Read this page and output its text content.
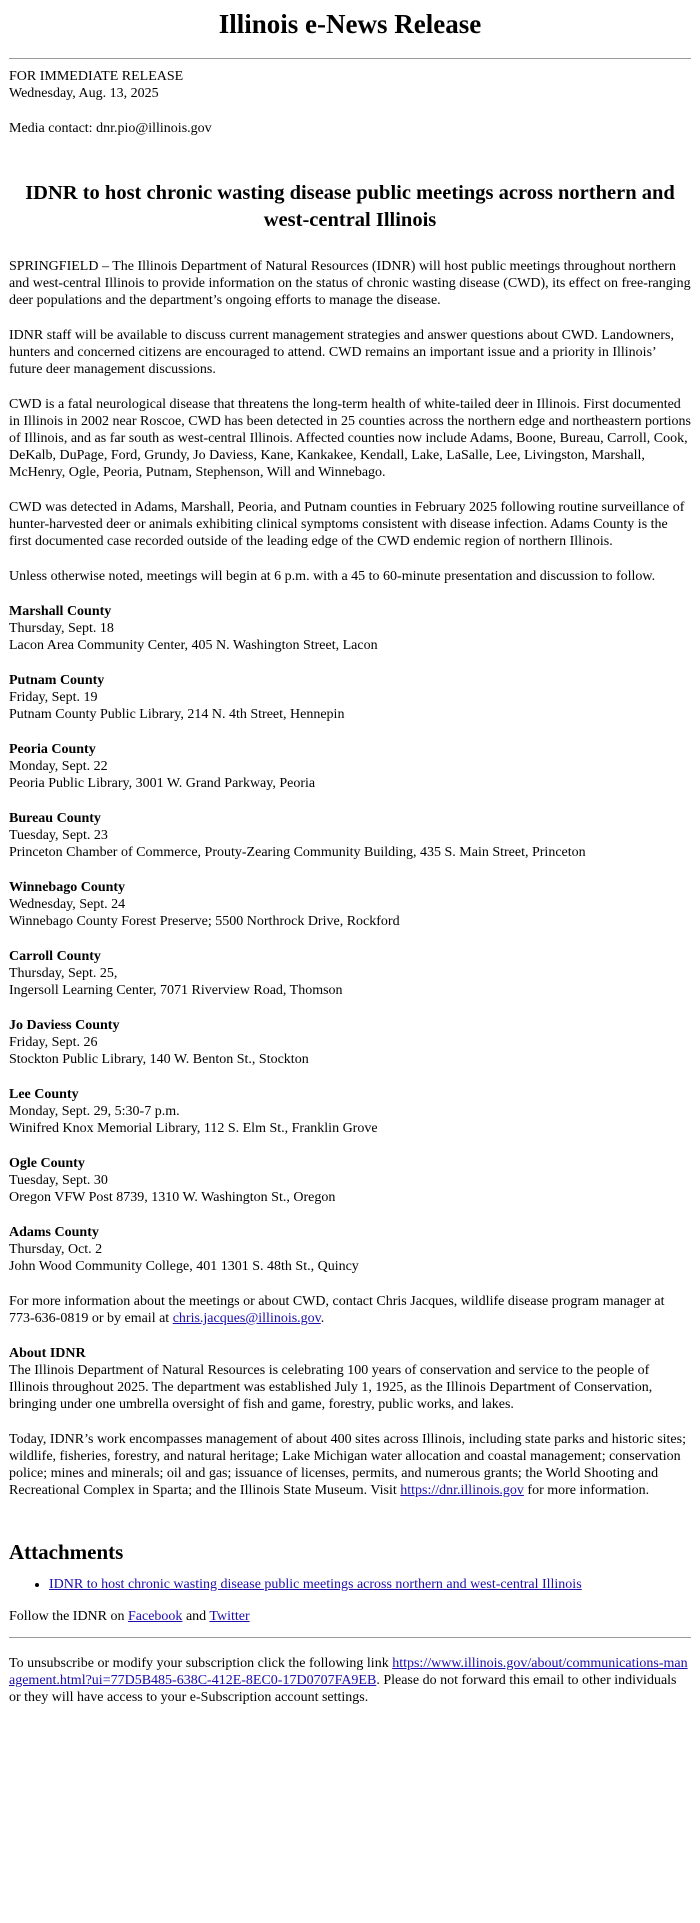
Illinois e-News Release

FOR IMMEDIATE RELEASE

Wednesday, Aug. 13, 2025

Media contact: dnr.pio@illinois.gov

IDNR to host chronic wasting disease public meetings across northern and west-central Illinois

SPRINGFIELD – The Illinois Department of Natural Resources (IDNR) will host public meetings throughout northern and west-central Illinois to provide information on the status of chronic wasting disease (CWD), its effect on free-ranging deer populations and the department’s ongoing efforts to manage the disease.

IDNR staff will be available to discuss current management strategies and answer questions about CWD. Landowners, hunters and concerned citizens are encouraged to attend. CWD remains an important issue and a priority in Illinois’ future deer management discussions.

CWD is a fatal neurological disease that threatens the long-term health of white-tailed deer in Illinois. First documented in Illinois in 2002 near Roscoe, CWD has been detected in 25 counties across the northern edge and northeastern portions of Illinois, and as far south as west-central Illinois. Affected counties now include Adams, Boone, Bureau, Carroll, Cook, DeKalb, DuPage, Ford, Grundy, Jo Daviess, Kane, Kankakee, Kendall, Lake, LaSalle, Lee, Livingston, Marshall, McHenry, Ogle, Peoria, Putnam, Stephenson, Will and Winnebago.

CWD was detected in Adams, Marshall, Peoria, and Putnam counties in February 2025 following routine surveillance of hunter-harvested deer or animals exhibiting clinical symptoms consistent with disease infection. Adams County is the first documented case recorded outside of the leading edge of the CWD endemic region of northern Illinois.

Unless otherwise noted, meetings will begin at 6 p.m. with a 45 to 60-minute presentation and discussion to follow.

Marshall County
Thursday, Sept. 18
Lacon Area Community Center, 405 N. Washington Street, Lacon
Putnam County
Friday, Sept. 19
Putnam County Public Library, 214 N. 4th Street, Hennepin
Peoria County
Monday, Sept. 22
Peoria Public Library, 3001 W. Grand Parkway, Peoria
Bureau County
Tuesday, Sept. 23
Princeton Chamber of Commerce, Prouty-Zearing Community Building, 435 S. Main Street, Princeton
Winnebago County
Wednesday, Sept. 24
Winnebago County Forest Preserve; 5500 Northrock Drive, Rockford
Carroll County
Thursday, Sept. 25,
Ingersoll Learning Center, 7071 Riverview Road, Thomson
Jo Daviess County
Friday, Sept. 26
Stockton Public Library, 140 W. Benton St., Stockton
Lee County
Monday, Sept. 29, 5:30-7 p.m.
Winifred Knox Memorial Library, 112 S. Elm St., Franklin Grove
Ogle County
Tuesday, Sept. 30
Oregon VFW Post 8739, 1310 W. Washington St., Oregon
Adams County
Thursday, Oct. 2
John Wood Community College, 401 1301 S. 48th St., Quincy

For more information about the meetings or about CWD, contact Chris Jacques, wildlife disease program manager at 773-636-0819 or by email at chris.jacques@illinois.gov.

About IDNR
The Illinois Department of Natural Resources is celebrating 100 years of conservation and service to the people of Illinois throughout 2025. The department was established July 1, 1925, as the Illinois Department of Conservation, bringing under one umbrella oversight of fish and game, forestry, public works, and lakes.

Today, IDNR’s work encompasses management of about 400 sites across Illinois, including state parks and historic sites; wildlife, fisheries, forestry, and natural heritage; Lake Michigan water allocation and coastal management; conservation police; mines and minerals; oil and gas; issuance of licenses, permits, and numerous grants; the World Shooting and Recreational Complex in Sparta; and the Illinois State Museum. Visit https://dnr.illinois.gov for more information.

Attachments
• IDNR to host chronic wasting disease public meetings across northern and west-central Illinois

Follow the IDNR on Facebook and Twitter

To unsubscribe or modify your subscription click the following link https://www.illinois.gov/about/communications-management.html?ui=77D5B485-638C-412E-8EC0-17D0707FA9EB. Please do not forward this email to other individuals or they will have access to your e-Subscription account settings.
